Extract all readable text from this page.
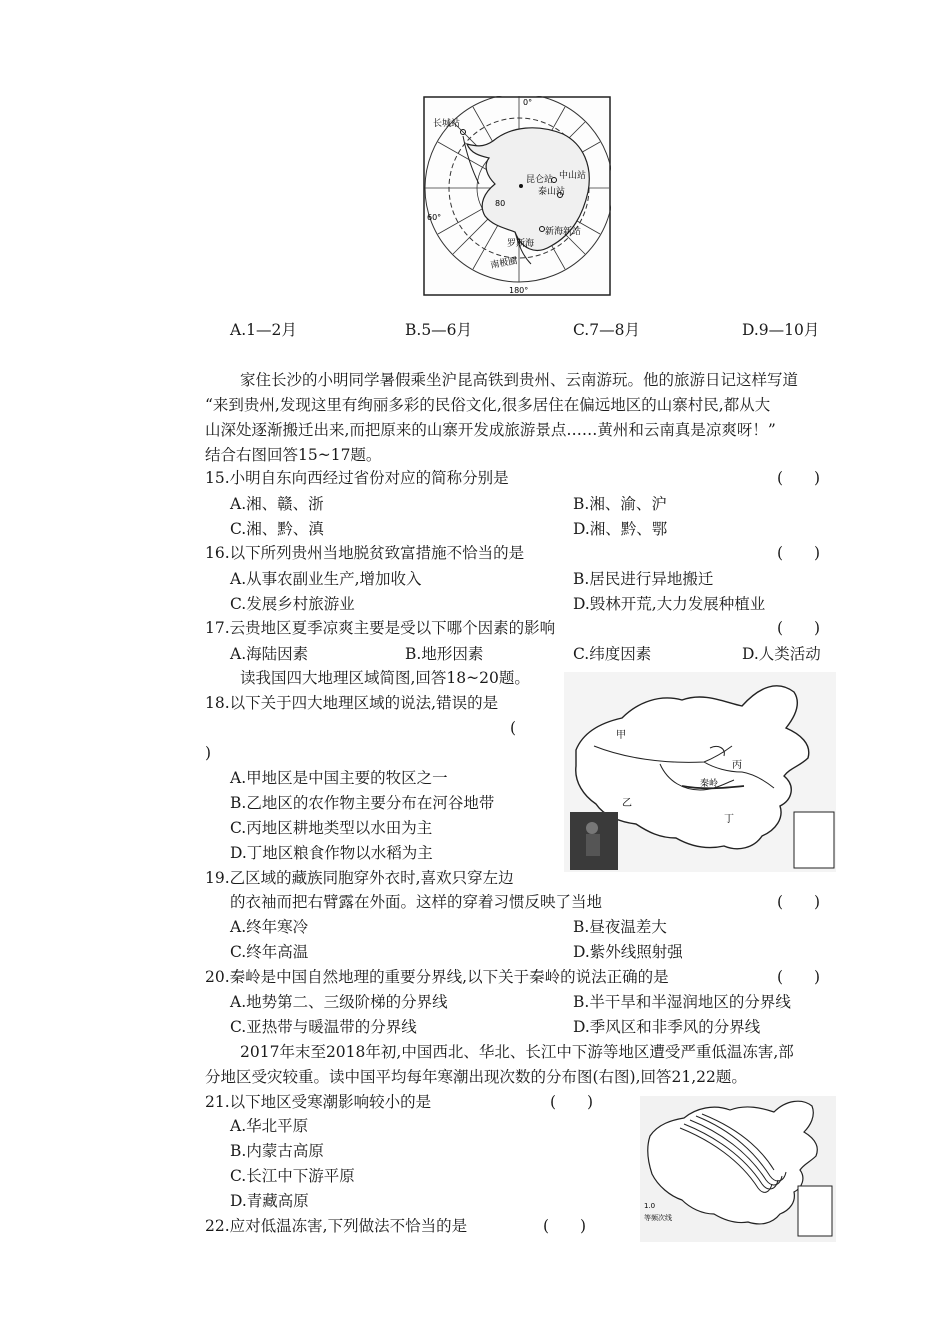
长城站
昆仑站 中山站
泰山站
新海新站
罗斯海
南极圈
80
60°
0°
180°
A.1—2月	B.5—6月	C.7—8月	D.9—10月
家住长沙的小明同学暑假乘坐沪昆高铁到贵州、云南游玩。他的旅游日记这样写道
“来到贵州,发现这里有绚丽多彩的民俗文化,很多居住在偏远地区的山寨村民,都从大
山深处逐渐搬迁出来,而把原来的山寨开发成旅游景点……黄州和云南真是凉爽呀！”
结合右图回答15~17题。
15.小明自东向西经过省份对应的简称分别是	(　　)
A.湘、赣、浙	B.湘、渝、沪
C.湘、黔、滇	D.湘、黔、鄂
16.以下所列贵州当地脱贫致富措施不恰当的是	(　　)
A.从事农副业生产,增加收入	B.居民进行异地搬迁
C.发展乡村旅游业	D.毁林开荒,大力发展种植业
17.云贵地区夏季凉爽主要是受以下哪个因素的影响	(　　)
A.海陆因素	B.地形因素	C.纬度因素	D.人类活动
读我国四大地理区域简图,回答18~20题。
甲
乙
丙
丁
秦岭
18.以下关于四大地理区域的说法,错误的是
(
)
A.甲地区是中国主要的牧区之一
B.乙地区的农作物主要分布在河谷地带
C.丙地区耕地类型以水田为主
D.丁地区粮食作物以水稻为主
19.乙区域的藏族同胞穿外衣时,喜欢只穿左边
的衣袖而把右臂露在外面。这样的穿着习惯反映了当地	(　　)
A.终年寒冷	B.昼夜温差大
C.终年高温	D.紫外线照射强
20.秦岭是中国自然地理的重要分界线,以下关于秦岭的说法正确的是	(　　)
A.地势第二、三级阶梯的分界线	B.半干旱和半湿润地区的分界线
C.亚热带与暖温带的分界线	D.季风区和非季风的分界线
2017年末至2018年初,中国西北、华北、长江中下游等地区遭受严重低温冻害,部
分地区受灾较重。读中国平均每年寒潮出现次数的分布图(右图),回答21,22题。
1.0
等频次线
21.以下地区受寒潮影响较小的是	(　　)
A.华北平原
B.内蒙古高原
C.长江中下游平原
D.青藏高原
22.应对低温冻害,下列做法不恰当的是	(　　)
